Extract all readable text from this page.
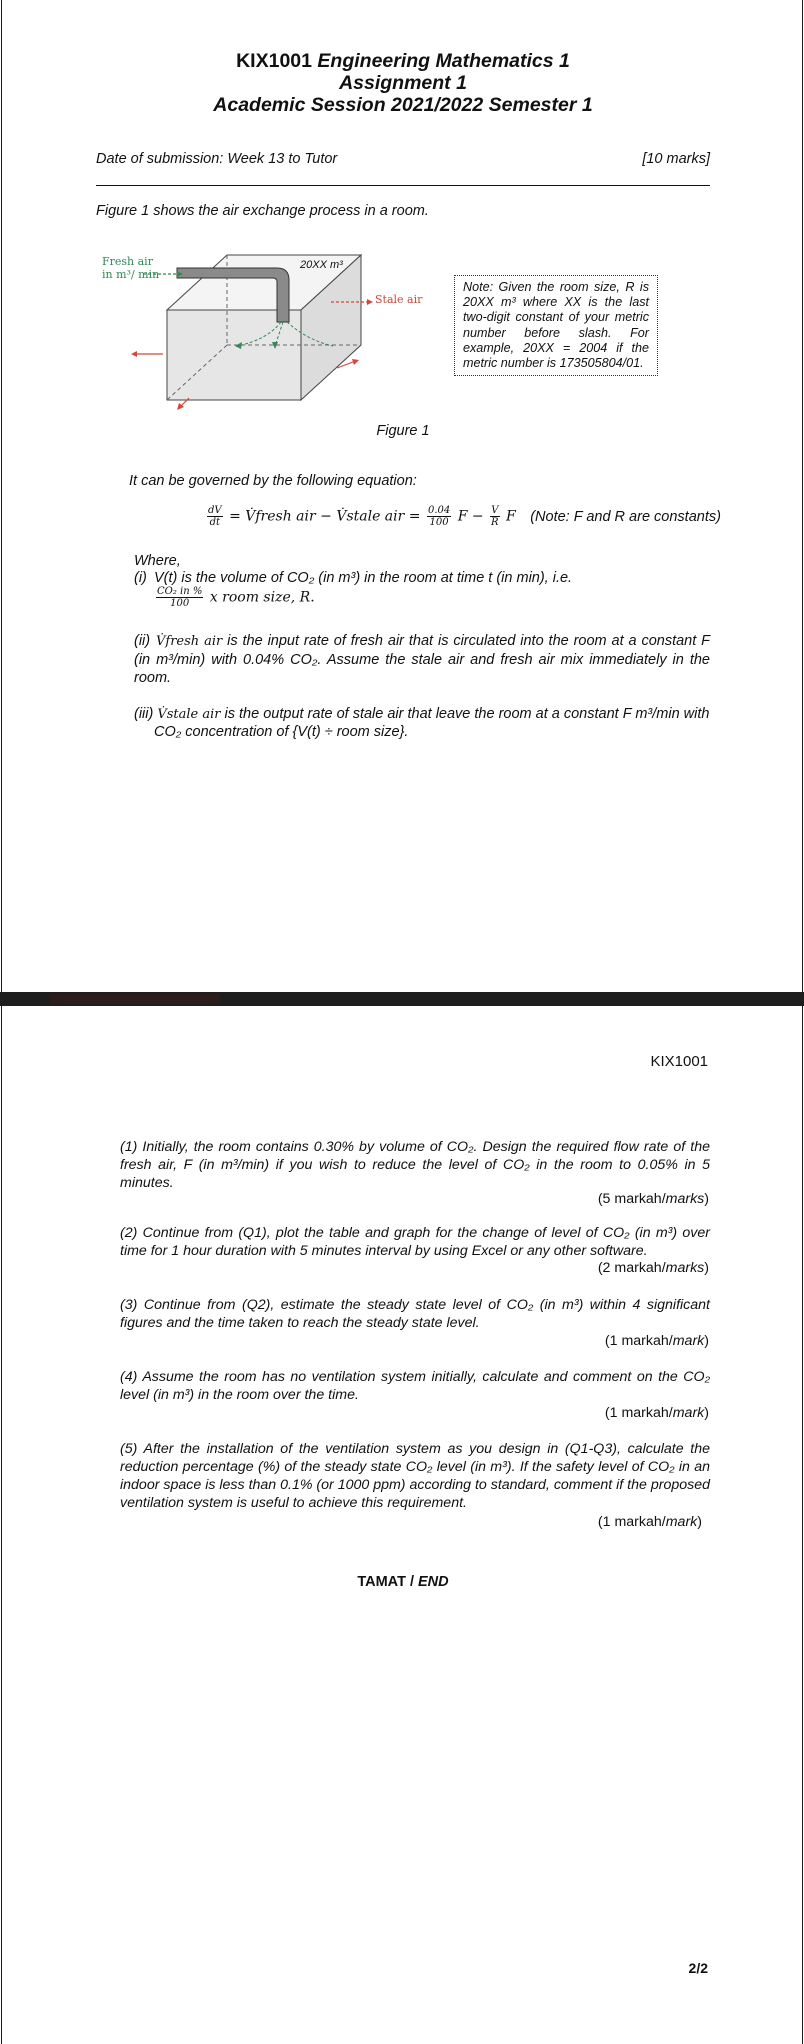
KIX1001 Engineering Mathematics 1
Assignment 1
Academic Session 2021/2022 Semester 1
Date of submission: Week 13 to Tutor	[10 marks]
Figure 1 shows the air exchange process in a room.
Fresh air
in m³/ min
20XX m³
Stale air
Note: Given the room size, R is 20XX m³ where XX is the last two-digit constant of your metric number before slash. For example, 20XX = 2004 if the metric number is 173505804/01.
Figure 1
It can be governed by the following equation:
$\frac{dV}{dt}$ = V̇fresh air − V̇stale air = $\frac{0.04}{100}$ $F - \frac{V}{R}$ F (Note: F and R are constants)
Where,
(i) V(t) is the volume of CO₂ (in m³) in the room at time t (in min), i.e.
$\frac{\text{CO₂ in \%}}{100}$ x room size, R.
(ii) V̇fresh air is the input rate of fresh air that is circulated into the room at a constant F (in m³/min) with 0.04% CO₂. Assume the stale air and fresh air mix immediately in the room.
(iii) V̇stale air is the output rate of stale air that leave the room at a constant F m³/min with
CO₂ concentration of {V(t) ÷ room size}.
KIX1001
(1) Initially, the room contains 0.30% by volume of CO₂. Design the required flow rate of the fresh air, F (in m³/min) if you wish to reduce the level of CO₂ in the room to 0.05% in 5 minutes.
(5 markah/marks)
(2) Continue from (Q1), plot the table and graph for the change of level of CO₂ (in m³) over time for 1 hour duration with 5 minutes interval by using Excel or any other software.
(2 markah/marks)
(3) Continue from (Q2), estimate the steady state level of CO₂ (in m³) within 4 significant figures and the time taken to reach the steady state level.
(1 markah/mark)
(4) Assume the room has no ventilation system initially, calculate and comment on the CO₂ level (in m³) in the room over the time.
(1 markah/mark)
(5) After the installation of the ventilation system as you design in (Q1-Q3), calculate the reduction percentage (%) of the steady state CO₂ level (in m³). If the safety level of CO₂ in an indoor space is less than 0.1% (or 1000 ppm) according to standard, comment if the proposed ventilation system is useful to achieve this requirement.
(1 markah/mark)
TAMAT / END
2/2
